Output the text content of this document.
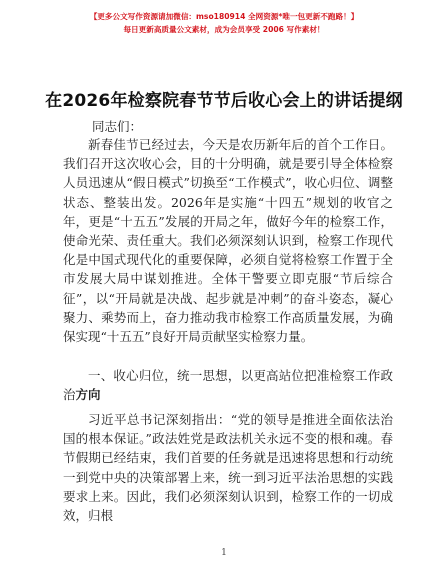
【更多公文写作资源请加微信：mso180914 全网资源*唯一包更新不跑路！】
每日更新高质量公文素材，成为会员享受 2006 写作素材！
在2026年检察院春节节后收心会上的讲话提纲
同志们：
新春佳节已经过去，今天是农历新年后的首个工作日。我们召开这次收心会，目的十分明确，就是要引导全体检察人员迅速从“假日模式”切换至“工作模式”，收心归位、调整状态、整装出发。2026年是实施“十四五”规划的收官之年，更是“十五五”发展的开局之年，做好今年的检察工作，使命光荣、责任重大。我们必须深刻认识到，检察工作现代化是中国式现代化的重要保障，必须自觉将检察工作置于全市发展大局中谋划推进。全体干警要立即克服“节后综合征”，以“开局就是决战、起步就是冲刺”的奋斗姿态，凝心聚力、乘势而上，奋力推动我市检察工作高质量发展，为确保实现“十五五”良好开局贡献坚实检察力量。
一、收心归位，统一思想，以更高站位把准检察工作政治方向
习近平总书记深刻指出：“党的领导是推进全面依法治国的根本保证。”政法姓党是政法机关永远不变的根和魂。春节假期已经结束，我们首要的任务就是迅速将思想和行动统一到党中央的决策部署上来，统一到习近平法治思想的实践要求上来。因此，我们必须深刻认识到，检察工作的一切成效，归根
1
